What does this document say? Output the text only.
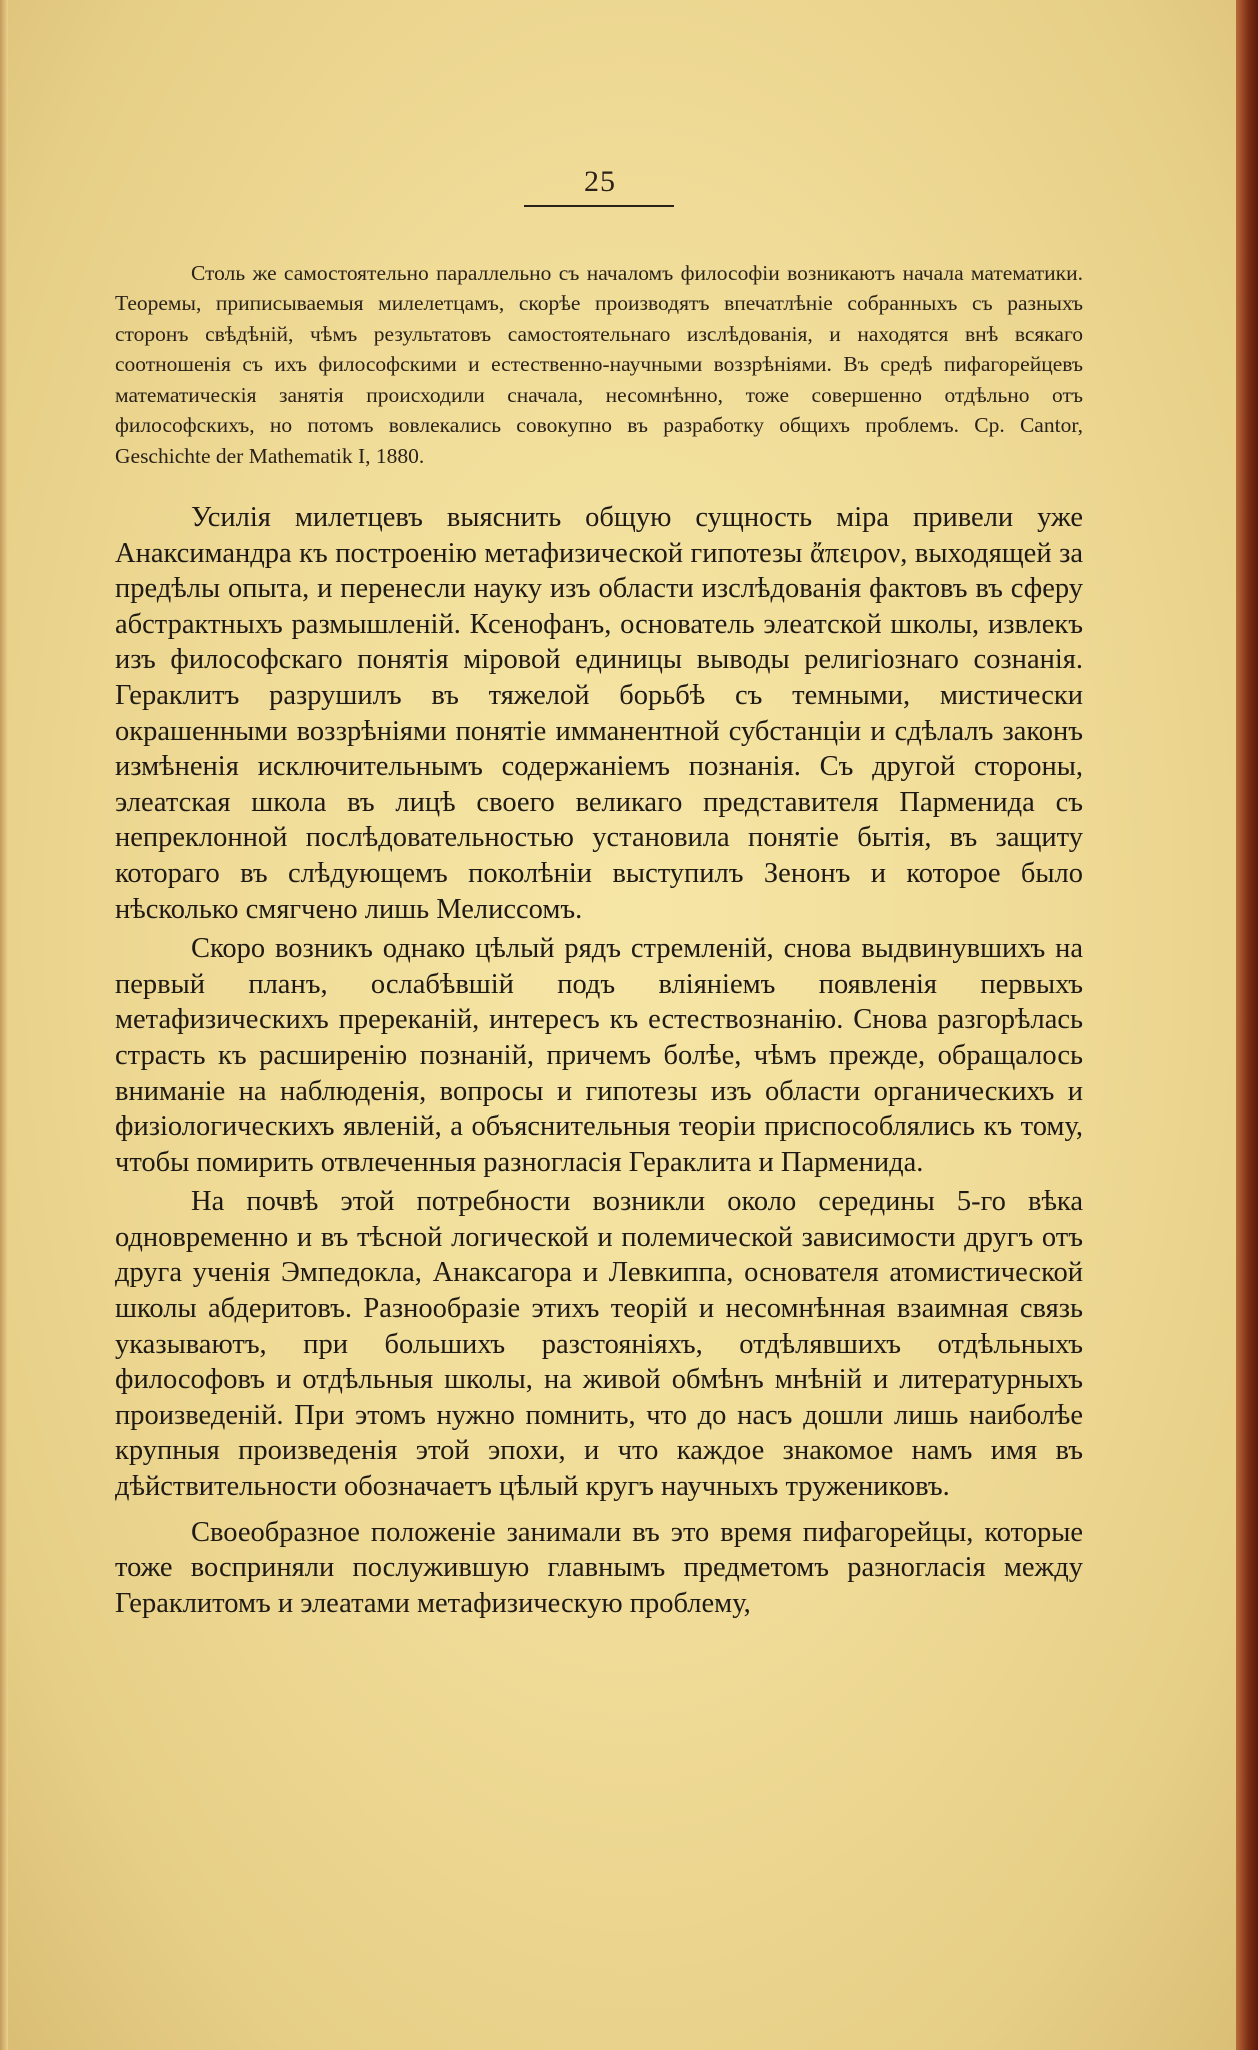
25

Столь же самостоятельно параллельно съ началомъ философіи возникаютъ начала математики. Теоремы, приписываемыя милелетцамъ, скорѣе производятъ впечатлѣніе собранныхъ съ разныхъ сторонъ свѣдѣній, чѣмъ результатовъ самостоятельнаго изслѣдованія, и находятся внѣ всякаго соотношенія съ ихъ философскими и естественно-научными воззрѣніями. Въ средѣ пифагорейцевъ математическія занятія происходили сначала, несомнѣнно, тоже совершенно отдѣльно отъ философскихъ, но потомъ вовлекались совокупно въ разработку общихъ проблемъ. Ср. Cantor, Geschichte der Mathematik I, 1880.

Усилія милетцевъ выяснить общую сущность міра привели уже Анаксимандра къ построенію метафизической гипотезы ἄπειρον, выходящей за предѣлы опыта, и перенесли науку изъ области изслѣдованія фактовъ въ сферу абстрактныхъ размышленій. Ксенофанъ, основатель элеатской школы, извлекъ изъ философскаго понятія міровой единицы выводы религіознаго сознанія. Гераклитъ разрушилъ въ тяжелой борьбѣ съ темными, мистически окрашенными воззрѣніями понятіе имманентной субстанціи и сдѣлалъ законъ измѣненія исключительнымъ содержаніемъ познанія. Съ другой стороны, элеатская школа въ лицѣ своего великаго представителя Парменида съ непреклонной послѣдовательностью установила понятіе бытія, въ защиту котораго въ слѣдующемъ поколѣніи выступилъ Зенонъ и которое было нѣсколько смягчено лишь Мелиссомъ.

Скоро возникъ однако цѣлый рядъ стремленій, снова выдвинувшихъ на первый планъ, ослабѣвшій подъ вліяніемъ появленія первыхъ метафизическихъ пререканій, интересъ къ естествознанію. Снова разгорѣлась страсть къ расширенію познаній, причемъ болѣе, чѣмъ прежде, обращалось вниманіе на наблюденія, вопросы и гипотезы изъ области органическихъ и физіологическихъ явленій, а объяснительныя теоріи приспособлялись къ тому, чтобы помирить отвлеченныя разногласія Гераклита и Парменида.

На почвѣ этой потребности возникли около середины 5-го вѣка одновременно и въ тѣсной логической и полемической зависимости другъ отъ друга ученія Эмпедокла, Анаксагора и Левкиппа, основателя атомистической школы абдеритовъ. Разнообразіе этихъ теорій и несомнѣнная взаимная связь указываютъ, при большихъ разстояніяхъ, отдѣлявшихъ отдѣльныхъ философовъ и отдѣльныя школы, на живой обмѣнъ мнѣній и литературныхъ произведеній. При этомъ нужно помнить, что до насъ дошли лишь наиболѣе крупныя произведенія этой эпохи, и что каждое знакомое намъ имя въ дѣйствительности обозначаетъ цѣлый кругъ научныхъ тружениковъ.

Своеобразное положеніе занимали въ это время пифагорейцы, которые тоже восприняли послужившую главнымъ предметомъ разногласія между Гераклитомъ и элеатами метафизическую проблему,
